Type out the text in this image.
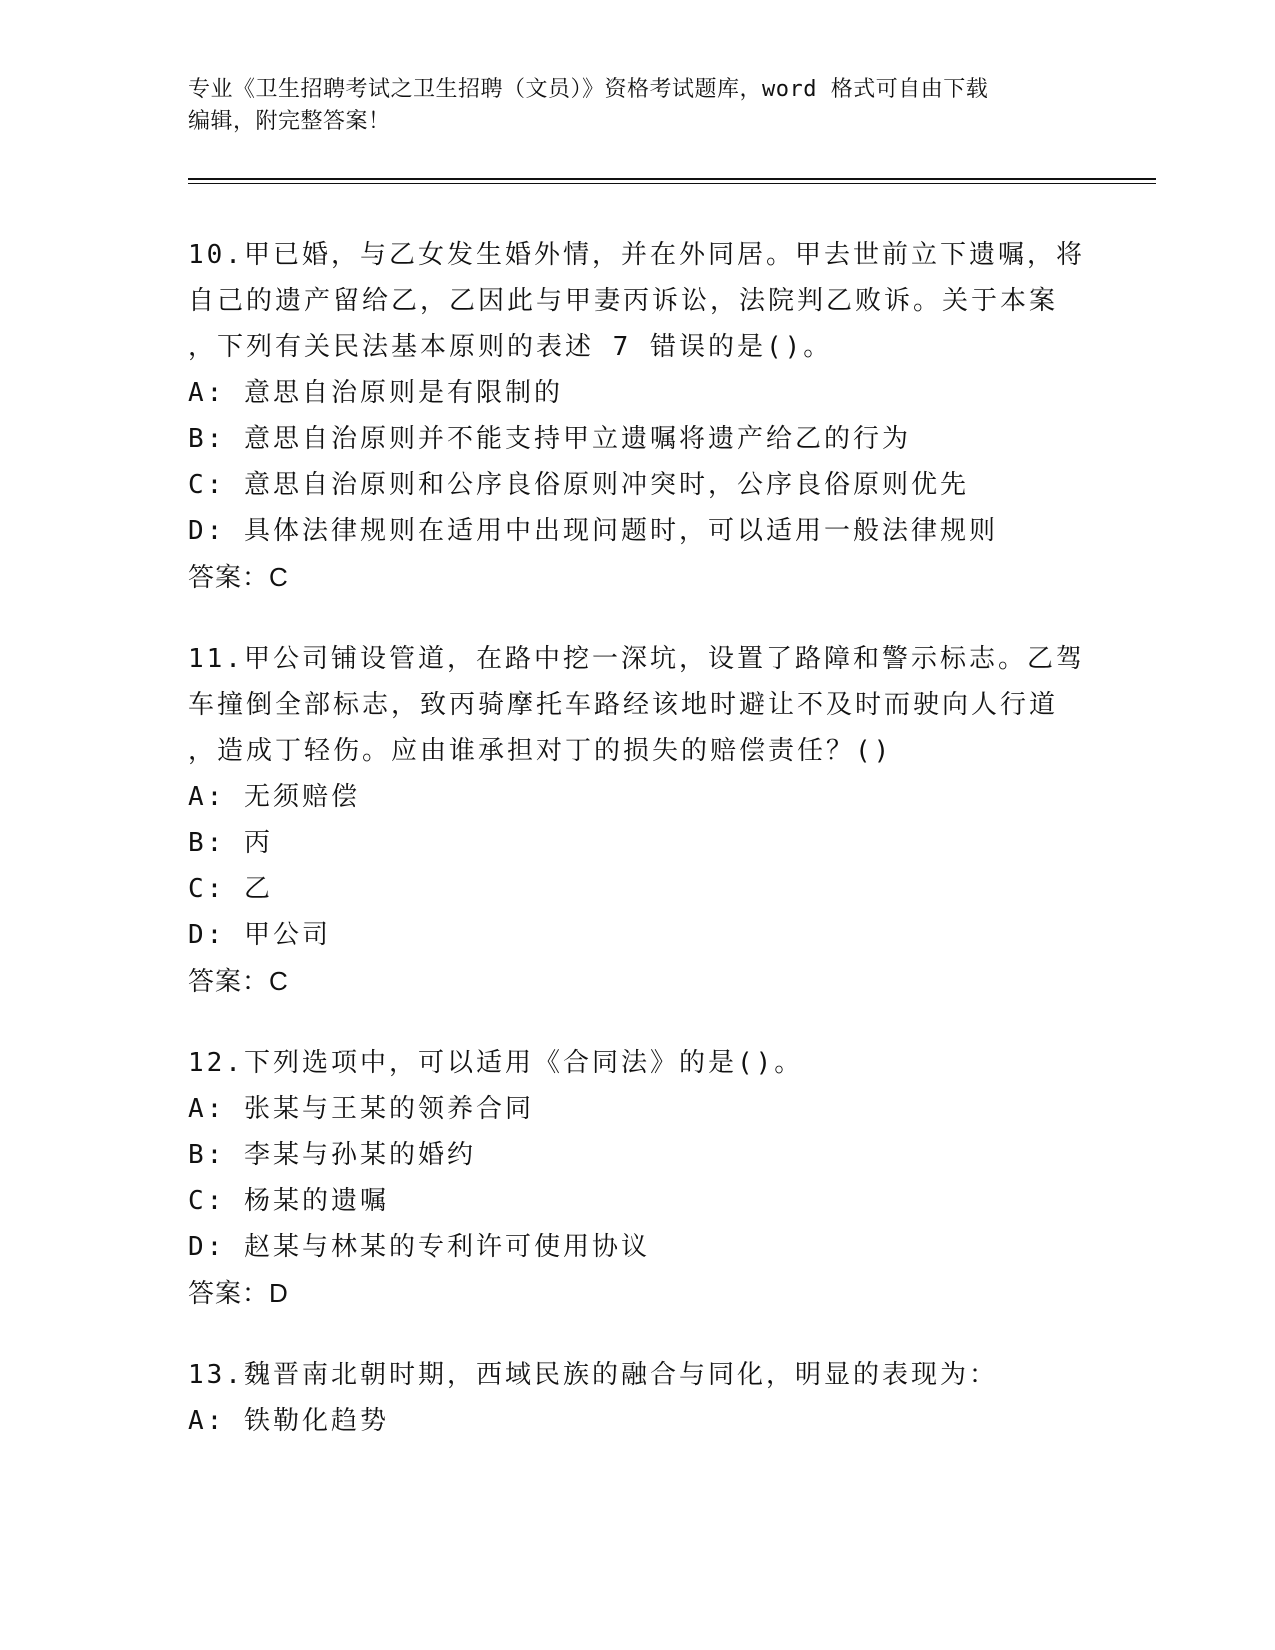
专业《卫生招聘考试之卫生招聘（文员）》资格考试题库，word 格式可自由下载
编辑，附完整答案！
10.甲已婚，与乙女发生婚外情，并在外同居。甲去世前立下遗嘱，将
自己的遗产留给乙，乙因此与甲妻丙诉讼，法院判乙败诉。关于本案
，下列有关民法基本原则的表述 7 错误的是()。
A: 意思自治原则是有限制的
B: 意思自治原则并不能支持甲立遗嘱将遗产给乙的行为
C: 意思自治原则和公序良俗原则冲突时，公序良俗原则优先
D: 具体法律规则在适用中出现问题时，可以适用一般法律规则
答案：C
11.甲公司铺设管道，在路中挖一深坑，设置了路障和警示标志。乙驾
车撞倒全部标志，致丙骑摩托车路经该地时避让不及时而驶向人行道
，造成丁轻伤。应由谁承担对丁的损失的赔偿责任？()
A: 无须赔偿
B: 丙
C: 乙
D: 甲公司
答案：C
12.下列选项中，可以适用《合同法》的是()。
A: 张某与王某的领养合同
B: 李某与孙某的婚约
C: 杨某的遗嘱
D: 赵某与林某的专利许可使用协议
答案：D
13.魏晋南北朝时期，西域民族的融合与同化，明显的表现为：
A: 铁勒化趋势
